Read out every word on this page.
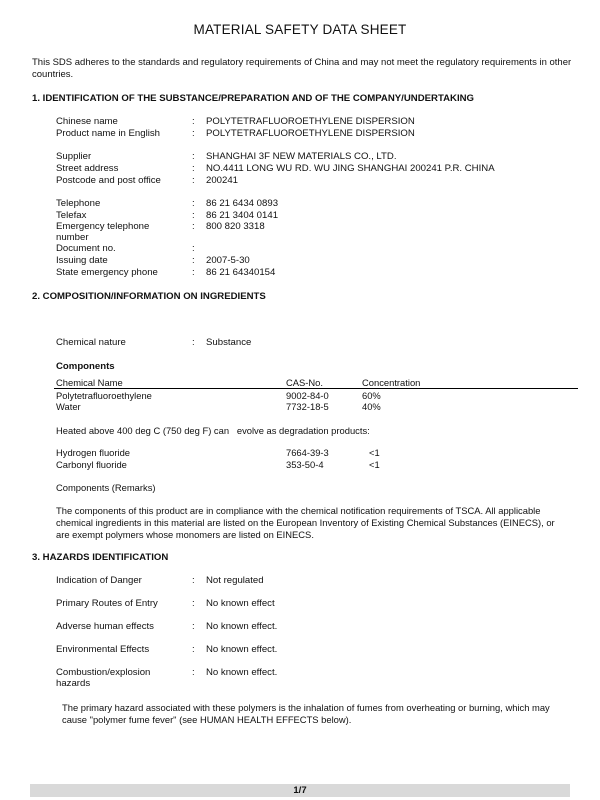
MATERIAL SAFETY DATA SHEET
This SDS adheres to the standards and regulatory requirements of China and may not meet the regulatory requirements in other countries.
1. IDENTIFICATION OF THE SUBSTANCE/PREPARATION AND OF THE COMPANY/UNDERTAKING
Chinese name	: POLYTETRAFLUOROETHYLENE DISPERSION
Product name in English	: POLYTETRAFLUOROETHYLENE DISPERSION
Supplier	: SHANGHAI 3F NEW MATERIALS CO., LTD.
Street address	: NO.4411 LONG WU RD. WU JING SHANGHAI 200241 P.R. CHINA
Postcode and post office	: 200241
Telephone	: 86 21 6434 0893
Telefax	: 86 21 3404 0141
Emergency telephone number
: 800 820 3318
Document no.	:
Issuing date	: 2007-5-30
State emergency phone	: 86 21 64340154
2. COMPOSITION/INFORMATION ON INGREDIENTS
Chemical nature	: Substance
Components
Chemical Name	CAS-No.	Concentration
Polytetrafluoroethylene	9002-84-0	60%
Water	7732-18-5	40%
Heated above 400 deg C (750 deg F) can   evolve as degradation products:
Hydrogen fluoride	7664-39-3	<1
Carbonyl fluoride	353-50-4	<1
Components (Remarks)
The components of this product are in compliance with the chemical notification requirements of TSCA. All applicable chemical ingredients in this material are listed on the European Inventory of Existing Chemical Substances (EINECS), or are exempt polymers whose monomers are listed on EINECS.
3. HAZARDS IDENTIFICATION
Indication of Danger	: Not regulated
Primary Routes of Entry	: No known effect
Adverse human effects	: No known effect.
Environmental Effects	: No known effect.
Combustion/explosion hazards
: No known effect.
The primary hazard associated with these polymers is the inhalation of fumes from overheating or burning, which may cause "polymer fume fever" (see HUMAN HEALTH EFFECTS below).
1/7
